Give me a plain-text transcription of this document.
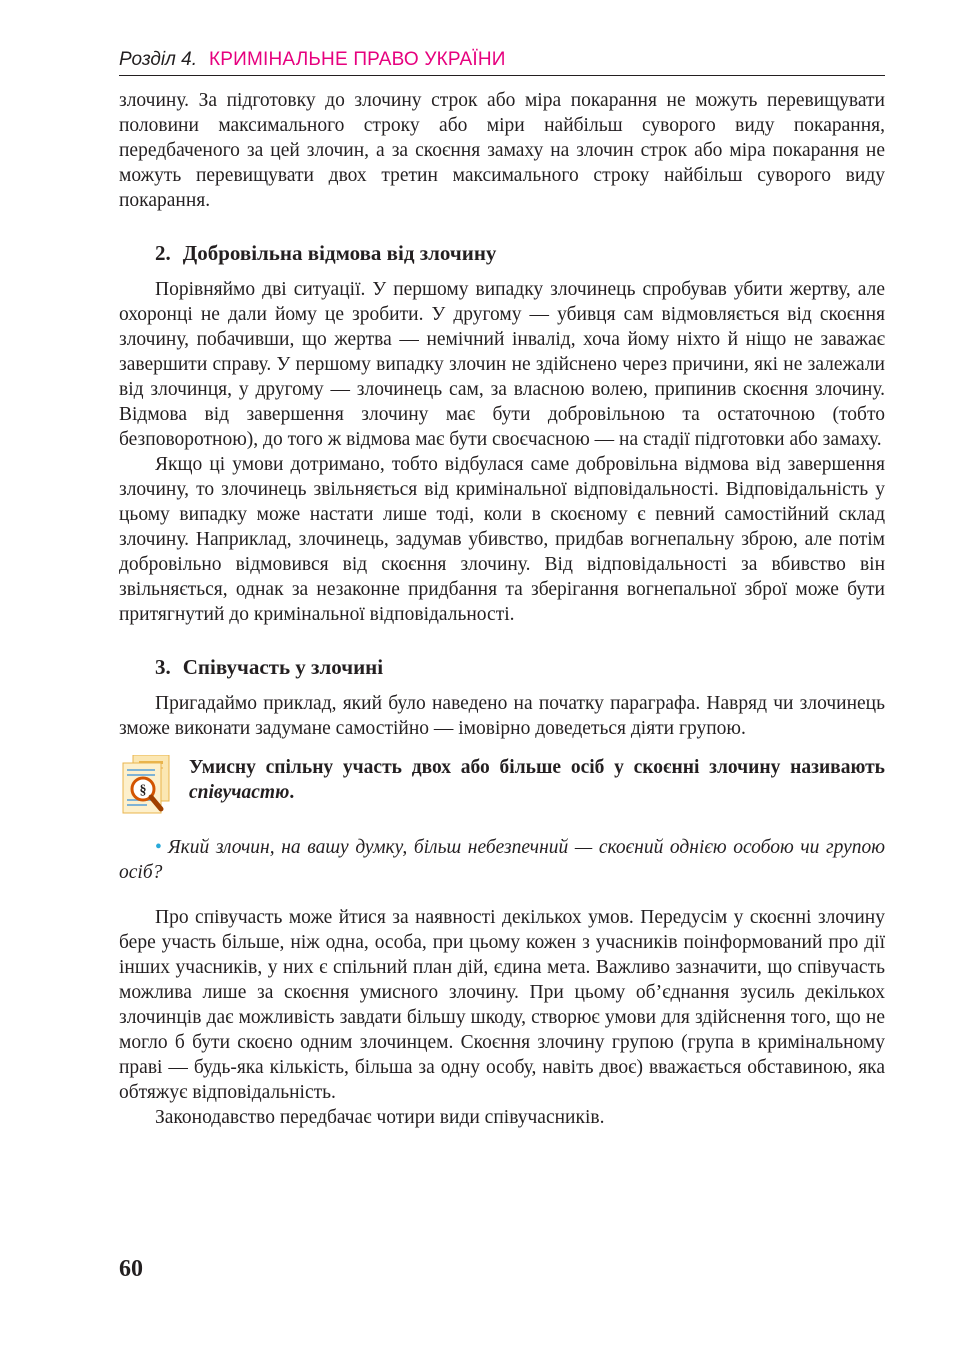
Розділ 4. КРИМІНАЛЬНЕ ПРАВО УКРАЇНИ

злочину. За підготовку до злочину строк або міра покарання не можуть перевищувати половини максимального строку або міри найбільш суворого виду покарання, передбаченого за цей злочин, а за скоєння замаху на злочин строк або міра покарання не можуть перевищувати двох третин максимального строку найбільш суворого виду покарання.

2. Добровільна відмова від злочину

Порівняймо дві ситуації. У першому випадку злочинець спробував убити жертву, але охоронці не дали йому це зробити. У другому — убивця сам відмовляється від скоєння злочину, побачивши, що жертва — немічний інвалід, хоча йому ніхто й ніщо не заважає завершити справу. У першому випадку злочин не здійснено через причини, які не залежали від злочинця, у другому — злочинець сам, за власною волею, припинив скоєння злочину. Відмова від завершення злочину має бути добровільною та остаточною (тобто безповоротною), до того ж відмова має бути своєчасною — на стадії підготовки або замаху.

Якщо ці умови дотримано, тобто відбулася саме добровільна відмова від завершення злочину, то злочинець звільняється від кримінальної відповідальності. Відповідальність у цьому випадку може настати лише тоді, коли в скоєному є певний самостійний склад злочину. Наприклад, злочинець, задумав убивство, придбав вогнепальну зброю, але потім добровільно відмовився від скоєння злочину. Від відповідальності за вбивство він звільняється, однак за незаконне придбання та зберігання вогнепальної зброї може бути притягнутий до кримінальної відповідальності.

3. Співучасть у злочині

Пригадаймо приклад, який було наведено на початку параграфа. Навряд чи злочинець зможе виконати задумане самостійно — імовірно доведеться діяти групою.

§

Умисну спільну участь двох або більше осіб у скоєнні злочину називають співучастю.

• Який злочин, на вашу думку, більш небезпечний — скоєний однією особою чи групою осіб?

Про співучасть може йтися за наявності декількох умов. Передусім у скоєнні злочину бере участь більше, ніж одна, особа, при цьому кожен з учасників поінформований про дії інших учасників, у них є спільний план дій, єдина мета. Важливо зазначити, що співучасть можлива лише за скоєння умисного злочину. При цьому об’єднання зусиль декількох злочинців дає можливість завдати більшу шкоду, створює умови для здійснення того, що не могло б бути скоєно одним злочинцем. Скоєння злочину групою (група в кримінальному праві — будь-яка кількість, більша за одну особу, навіть двоє) вважається обставиною, яка обтяжує відповідальність.

Законодавство передбачає чотири види співучасників.

60
